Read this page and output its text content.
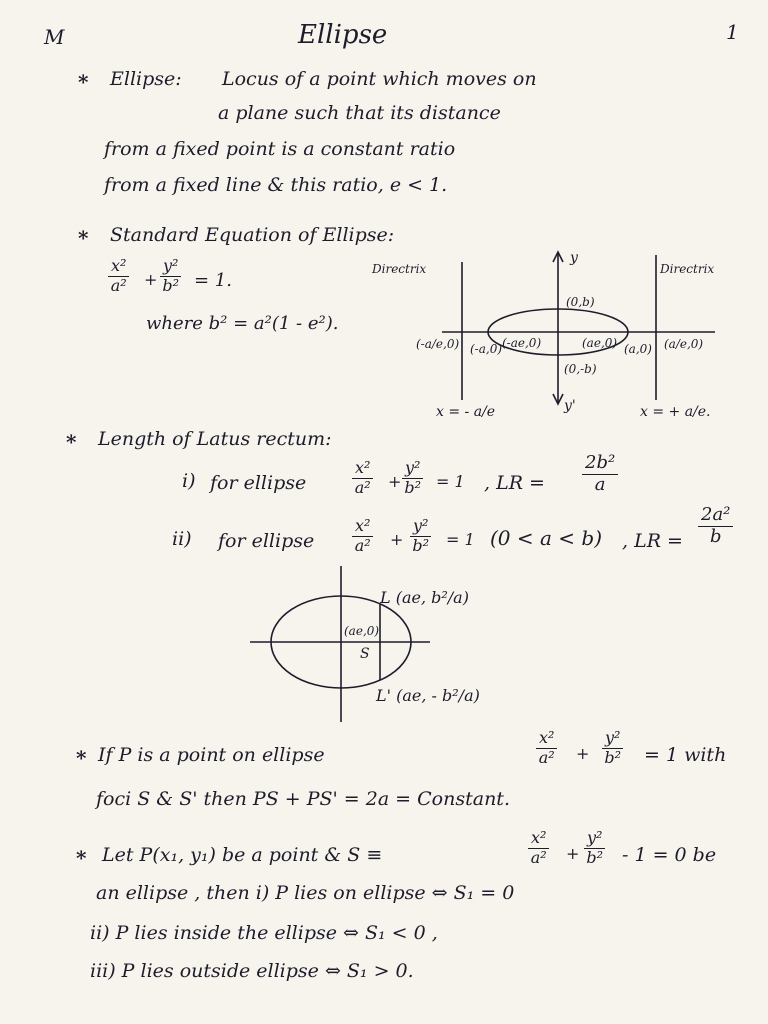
M	Ellipse	1
* Ellipse: Locus of a point which moves on
a plane such that its distance
from a fixed point is a constant ratio
from a fixed line & this ratio, e < 1.
* Standard Equation of Ellipse:
$\frac{\text{x²}}{\text{a²}} + \frac{\text{y²}}{\text{b²}} = 1$.
where b² = a²(1 - e²).
Directrix	Directrix
y
y'
(0,b)
(0,-b)
(-a/e,0) (-a,0) (-ae,0)	(ae,0) (a,0) (a/e,0)
x = - a/e	x = + a/e.
* Length of Latus rectum:
i) for ellipse	$\frac{\text{x²}}{\text{a²}} + \frac{\text{y²}}{\text{b²}} = 1$ , LR = $\frac{\text{2b²}}{a}$
ii) for ellipse $\frac{\text{x²}}{\text{a²}} + \frac{\text{y²}}{\text{b²}} = 1$ (0 < a < b) , LR = $\frac{\text{2a²}}{b}$
L (ae, b²/a)
(ae,0)
S
L' (ae, - b²/a)
* If P is a point on ellipse	$\frac{\text{x²}}{\text{a²}} + \frac{\text{y²}}{\text{b²}} = 1$ with
foci S & S' then PS + PS' = 2a = Constant.
* Let P(x₁, y₁) be a point & S ≡	$\frac{\text{x²}}{\text{a²}} + \frac{\text{y²}}{\text{b²}} - 1 = 0$ be
an ellipse , then i) P lies on ellipse ⇔ S₁ = 0
ii) P lies inside the ellipse ⇔ S₁ < 0 ,
iii) P lies outside ellipse ⇔ S₁ > 0.
